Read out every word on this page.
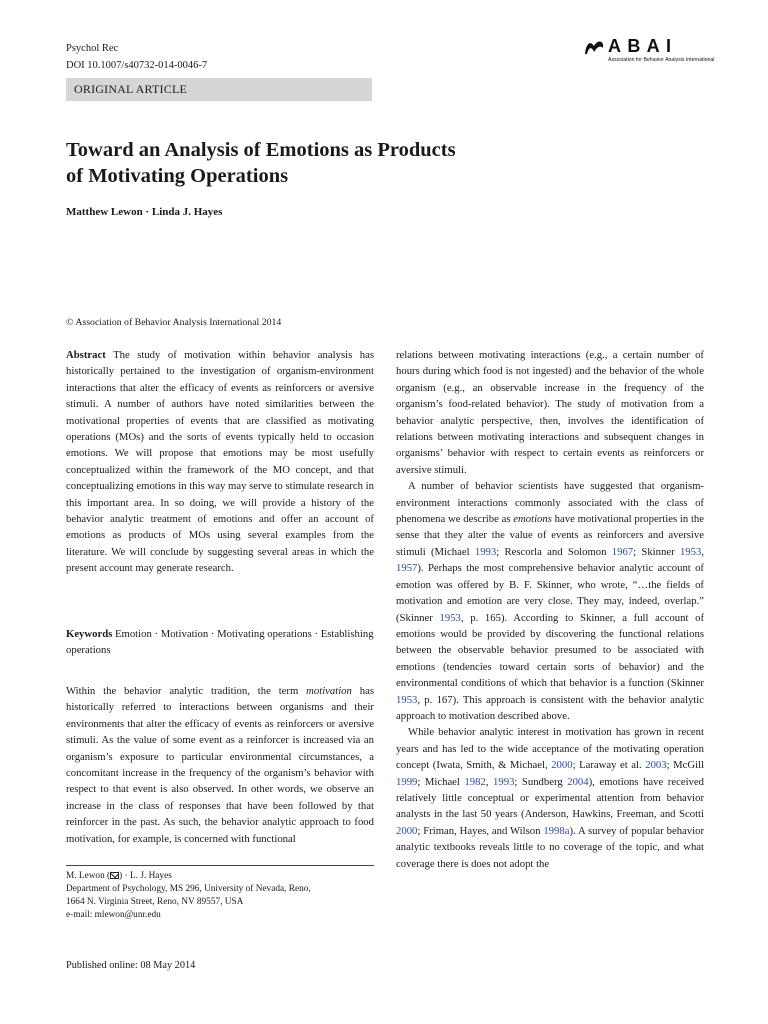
Psychol Rec
DOI 10.1007/s40732-014-0046-7
A B A I
Association for Behavior Analysis International
ORIGINAL ARTICLE
Toward an Analysis of Emotions as Products
of Motivating Operations
Matthew Lewon · Linda J. Hayes
© Association of Behavior Analysis International 2014

Abstract The study of motivation within behavior analysis has historically pertained to the investigation of organism-environment interactions that alter the efficacy of events as reinforcers or aversive stimuli. A number of authors have noted similarities between the motivational properties of events that are classified as motivating operations (MOs) and the sorts of events typically held to occasion emotions. We will propose that emotions may be most usefully conceptualized within the framework of the MO concept, and that conceptualizing emotions in this way may serve to stimulate research in this important area. In so doing, we will provide a history of the behavior analytic treatment of emotions and offer an account of emotions as products of MOs using several examples from the literature. We will conclude by suggesting several areas in which the present account may generate research.

Keywords Emotion · Motivation · Motivating operations · Establishing operations

Within the behavior analytic tradition, the term motivation has historically referred to interactions between organisms and their environments that alter the efficacy of events as reinforcers or aversive stimuli. As the value of some event as a reinforcer is increased via an organism’s exposure to particular environmental circumstances, a concomitant increase in the frequency of the organism’s behavior with respect to that event is also observed. In other words, we observe an increase in the class of responses that have been followed by that reinforcer in the past. As such, the behavior analytic approach to food motivation, for example, is concerned with functional

M. Lewon ( ) · L. J. Hayes
Department of Psychology, MS 296, University of Nevada, Reno,
1664 N. Virginia Street, Reno, NV 89557, USA
e-mail: mlewon@unr.edu
Published online: 08 May 2014

relations between motivating interactions (e.g., a certain number of hours during which food is not ingested) and the behavior of the whole organism (e.g., an observable increase in the frequency of the organism’s food-related behavior). The study of motivation from a behavior analytic perspective, then, involves the identification of relations between motivating interactions and subsequent changes in organisms’ behavior with respect to certain events as reinforcers or aversive stimuli.

A number of behavior scientists have suggested that organism-environment interactions commonly associated with the class of phenomena we describe as emotions have motivational properties in the sense that they alter the value of events as reinforcers and aversive stimuli (Michael 1993; Rescorla and Solomon 1967; Skinner 1953, 1957). Perhaps the most comprehensive behavior analytic account of emotion was offered by B. F. Skinner, who wrote, “…the fields of motivation and emotion are very close. They may, indeed, overlap.” (Skinner 1953, p. 165). According to Skinner, a full account of emotions would be provided by discovering the functional relations between the observable behavior presumed to be associated with emotions (tendencies toward certain sorts of behavior) and the environmental conditions of which that behavior is a function (Skinner 1953, p. 167). This approach is consistent with the behavior analytic approach to motivation described above.

While behavior analytic interest in motivation has grown in recent years and has led to the wide acceptance of the motivating operation concept (Iwata, Smith, & Michael, 2000; Laraway et al. 2003; McGill 1999; Michael 1982, 1993; Sundberg 2004), emotions have received relatively little conceptual or experimental attention from behavior analysts in the last 50 years (Anderson, Hawkins, Freeman, and Scotti 2000; Friman, Hayes, and Wilson 1998a). A survey of popular behavior analytic textbooks reveals little to no coverage of the topic, and what coverage there is does not adopt the
